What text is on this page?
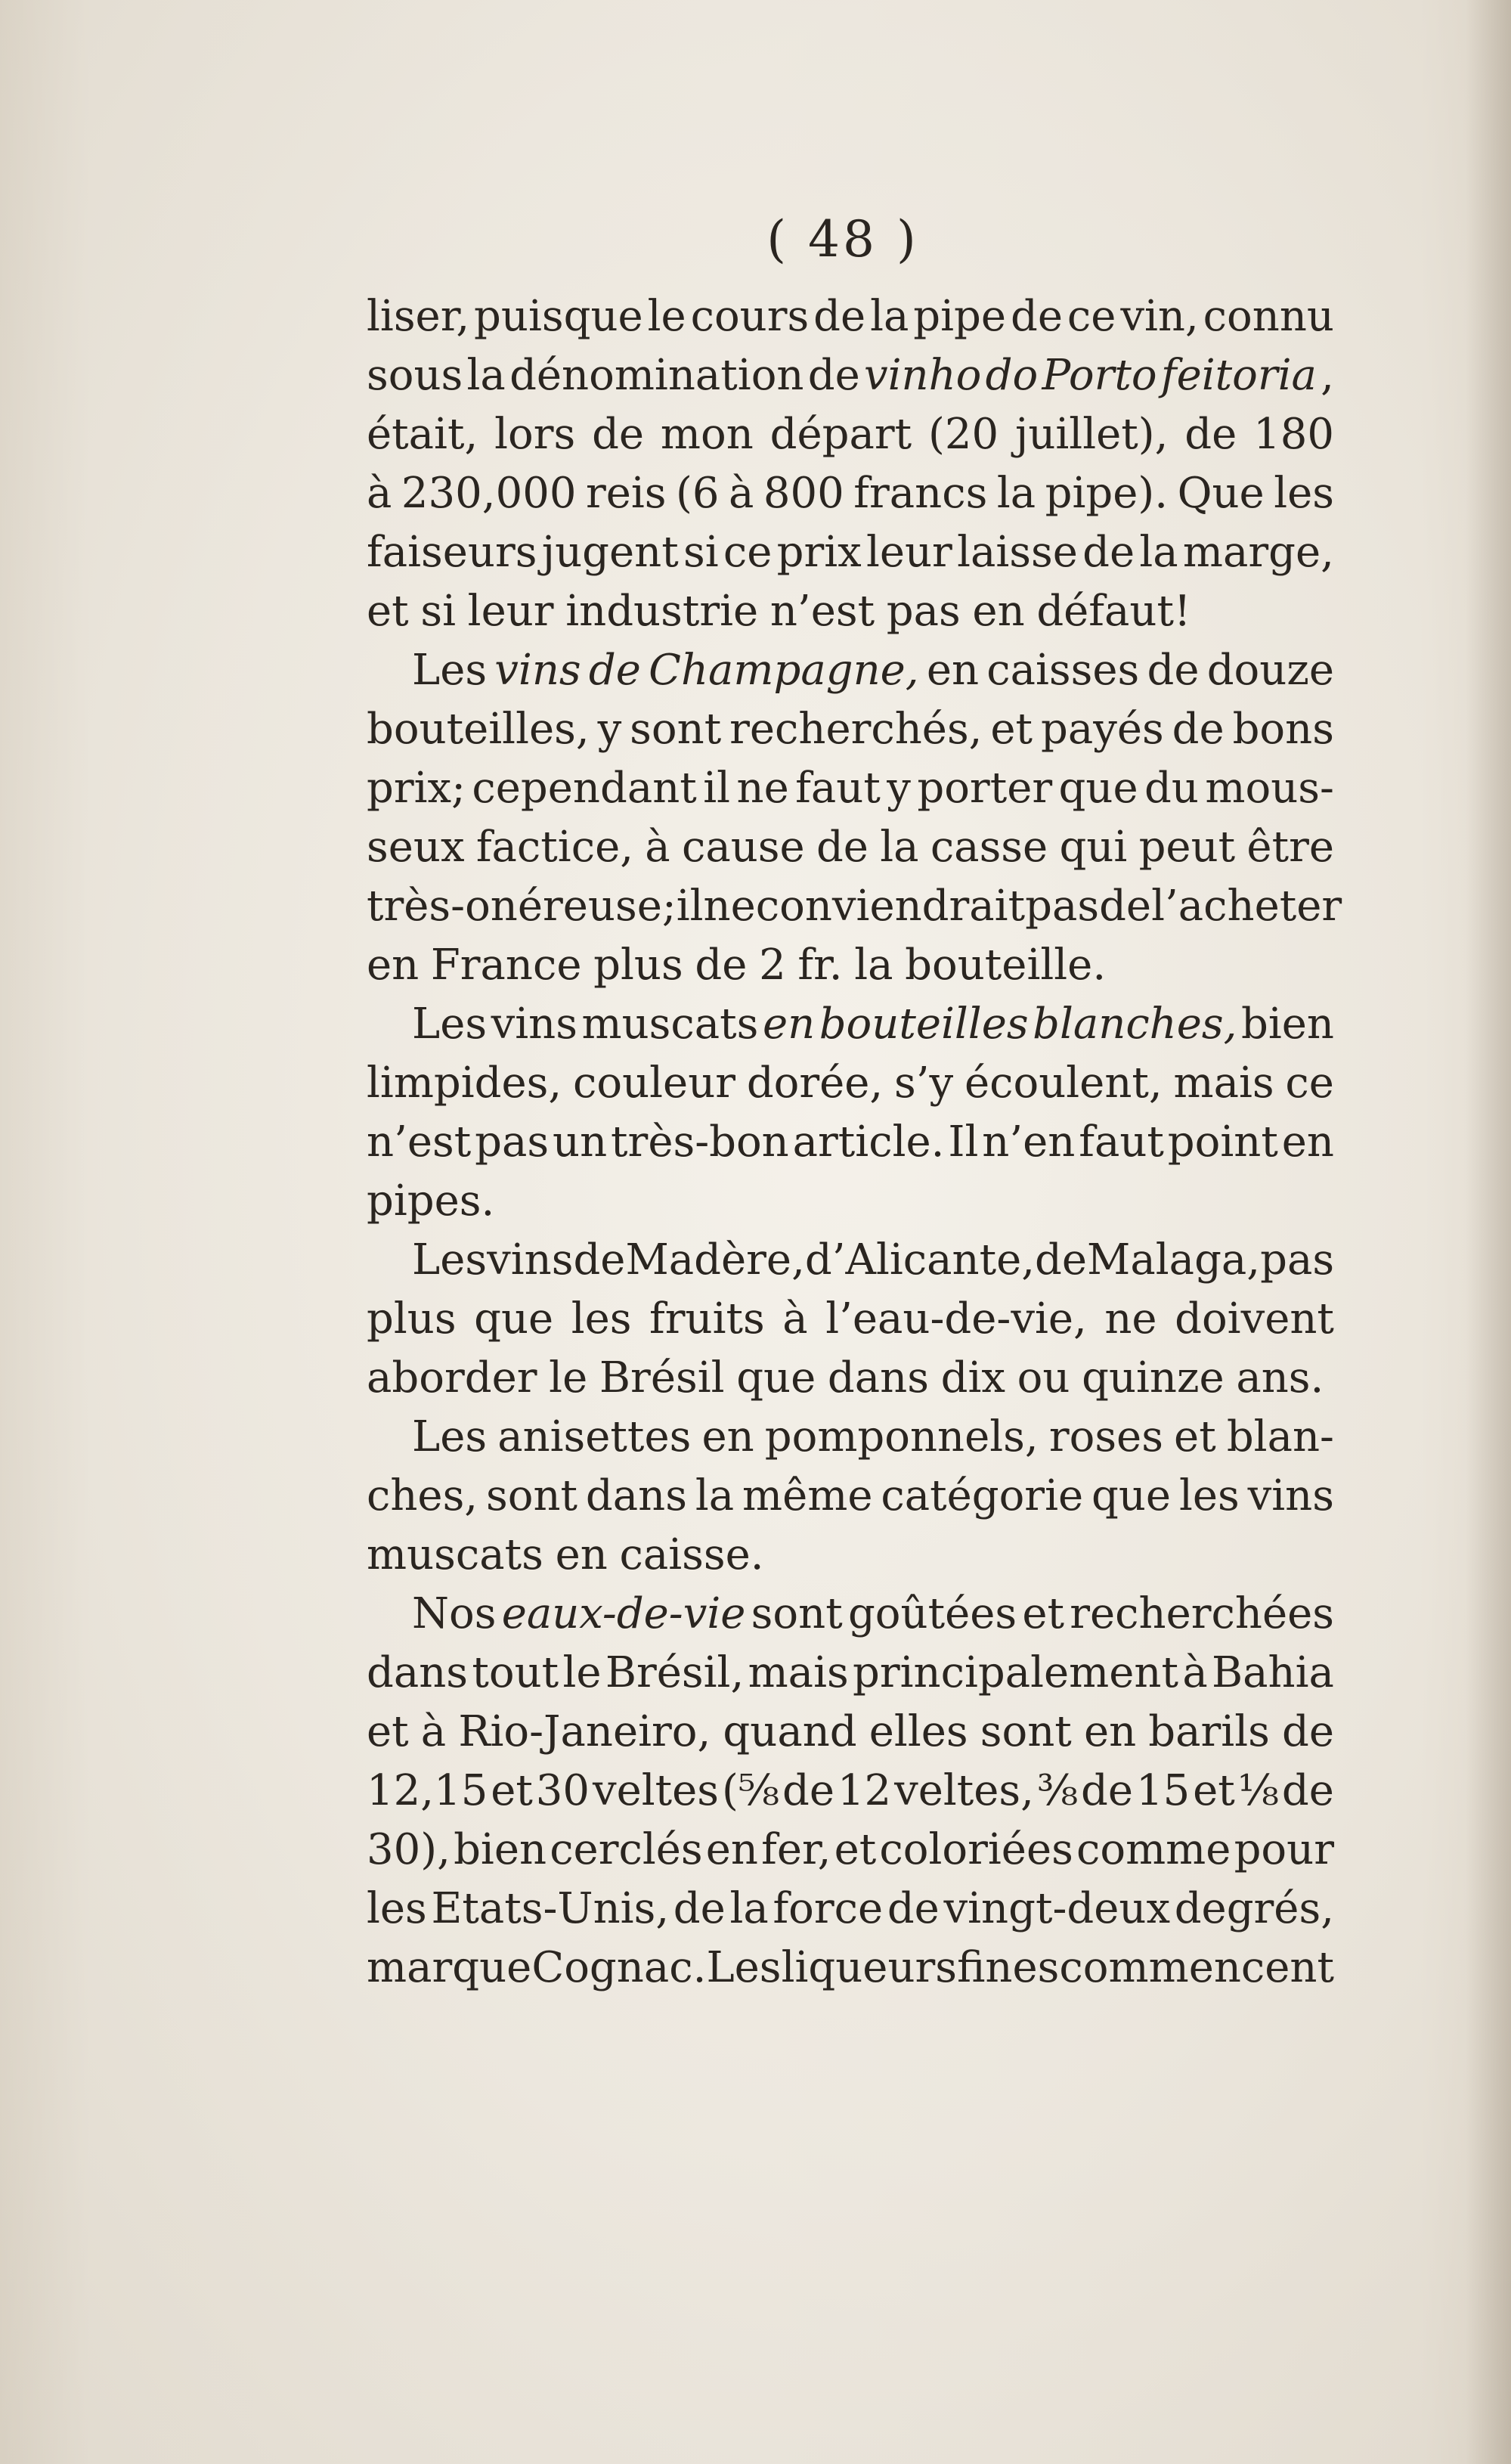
( 48 )
liser, puisque le cours de la pipe de ce vin, connu
sous la dénomination de vinho do Porto feitoria ,
était, lors de mon départ (20 juillet), de 180
à 230,000 reis (6 à 800 francs la pipe). Que les
faiseurs jugent si ce prix leur laisse de la marge,
et si leur industrie n’est pas en défaut!
Les vins de Champagne, en caisses de douze
bouteilles, y sont recherchés, et payés de bons
prix; cependant il ne faut y porter que du mous-
seux factice, à cause de la casse qui peut être
très-onéreuse; il ne conviendrait pas de l’acheter
en France plus de 2 fr. la bouteille.
Les vins muscats en bouteilles blanches, bien
limpides, couleur dorée, s’y écoulent, mais ce
n’est pas un très-bon article. Il n’en faut point en
pipes.
Les vins de Madère, d’Alicante, de Malaga, pas
plus que les fruits à l’eau-de-vie, ne doivent
aborder le Brésil que dans dix ou quinze ans.
Les anisettes en pomponnels, roses et blan-
ches, sont dans la même catégorie que les vins
muscats en caisse.
Nos eaux-de-vie sont goûtées et recherchées
dans tout le Brésil, mais principalement à Bahia
et à Rio-Janeiro, quand elles sont en barils de
12,15 et 30 veltes (⅝ de 12 veltes, ⅜ de 15 et ⅛ de
30), bien cerclés en fer, et coloriées comme pour
les Etats-Unis, de la force de vingt-deux degrés,
marque Cognac. Les liqueurs fines commencent
